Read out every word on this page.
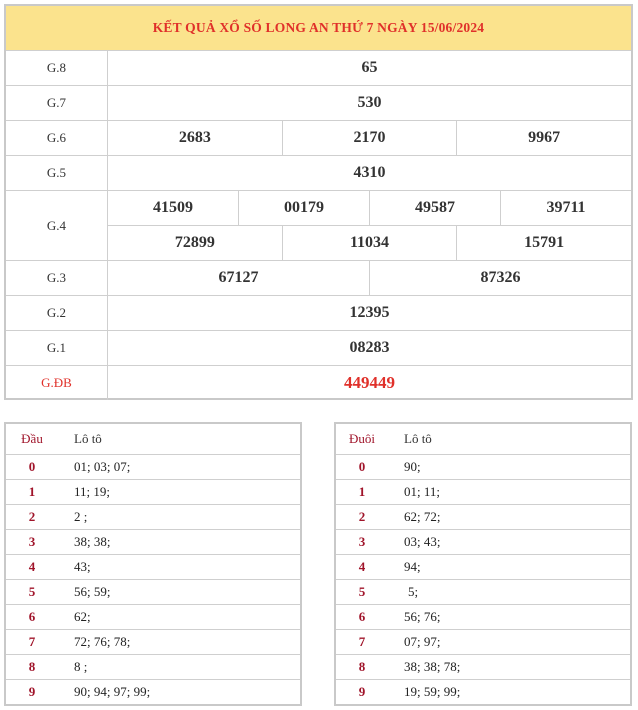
KẾT QUẢ XỔ SỐ LONG AN THỨ 7 NGÀY 15/06/2024
G.8	65
G.7	530
G.6	2683	2170	9967
G.5	4310
G.4
41509	00179	49587	39711
72899	11034	15791
G.3	67127	87326
G.2	12395
G.1	08283
G.ĐB	449449
Đầu	Lô tô
0	01; 03; 07;
1	11; 19;
2	2 ;
3	38; 38;
4	43;
5	56; 59;
6	62;
7	72; 76; 78;
8	8 ;
9	90; 94; 97; 99;
Đuôi	Lô tô
0	90;
1	01; 11;
2	62; 72;
3	03; 43;
4	94;
5	5;
6	56; 76;
7	07; 97;
8	38; 38; 78;
9	19; 59; 99;
